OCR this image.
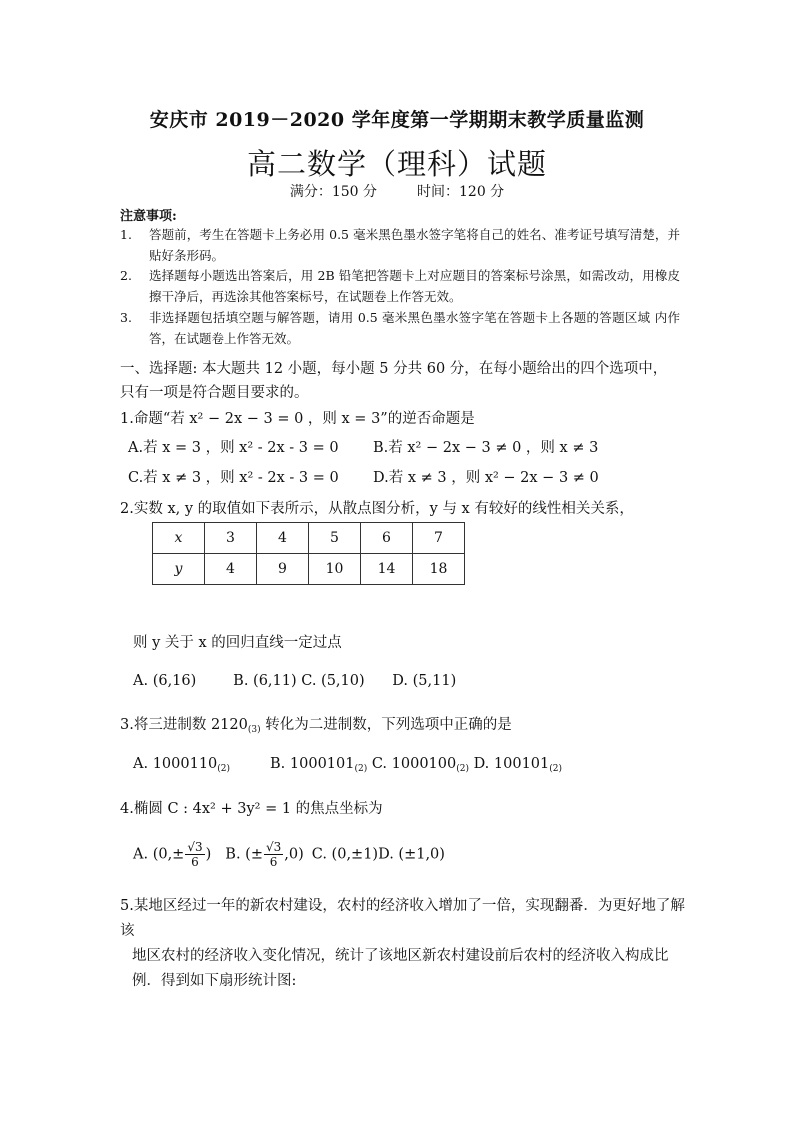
安庆市 2019－2020 学年度第一学期期末教学质量监测
高二数学（理科）试题
满分：150 分	时间：120 分
注意事项:
1. 答题前，考生在答题卡上务必用 0.5 毫米黑色墨水签字笔将自己的姓名、准考证号填写清楚，并贴好条形码。
2. 选择题每小题选出答案后，用 2B 铅笔把答题卡上对应题目的答案标号涂黑，如需改动，用橡皮擦干净后，再选涂其他答案标号，在试题卷上作答无效。
3. 非选择题包括填空题与解答题，请用 0.5 毫米黑色墨水签字笔在答题卡上各题的答题区域 内作答，在试题卷上作答无效。
一、选择题: 本大题共 12 小题，每小题 5 分共 60 分，在每小题给出的四个选项中，只有一项是符合题目要求的。
1.命题“若 x² − 2x − 3 = 0 ，则 x = 3”的逆否命题是
A.若 x = 3 ，则 x² - 2x - 3 = 0 B.若 x² − 2x − 3 ≠ 0 ，则 x ≠ 3
C.若 x ≠ 3 ，则 x² - 2x - 3 = 0 D.若 x ≠ 3 ，则 x² − 2x − 3 ≠ 0
2.实数 x, y 的取值如下表所示，从散点图分析，y 与 x 有较好的线性相关关系，
x	3	4	5	6	7
y	4	9	10	14	18
则 y 关于 x 的回归直线一定过点
A. (6,16)        B. (6,11) C. (5,10)      D. (5,11)
3.将三进制数 $2120_{(3)}$ 转化为二进制数，下列选项中正确的是
A. $1000110_{(2)}$	B. $1000101_{(2)}$ C. $1000100_{(2)}$ D. $100101_{(2)}$
4.椭圆 C : 4x² + 3y² = 1 的焦点坐标为
A. ($0,\pm \frac{√3}{6}$ ) B. (± $\frac{√3}{6} ,0$) C. (0,±1)D. (±1,0)
5.某地区经过一年的新农村建设，农村的经济收入增加了一倍，实现翻番．为更好地了解该
地区农村的经济收入变化情况，统计了该地区新农村建设前后农村的经济收入构成比
例．得到如下扇形统计图:
